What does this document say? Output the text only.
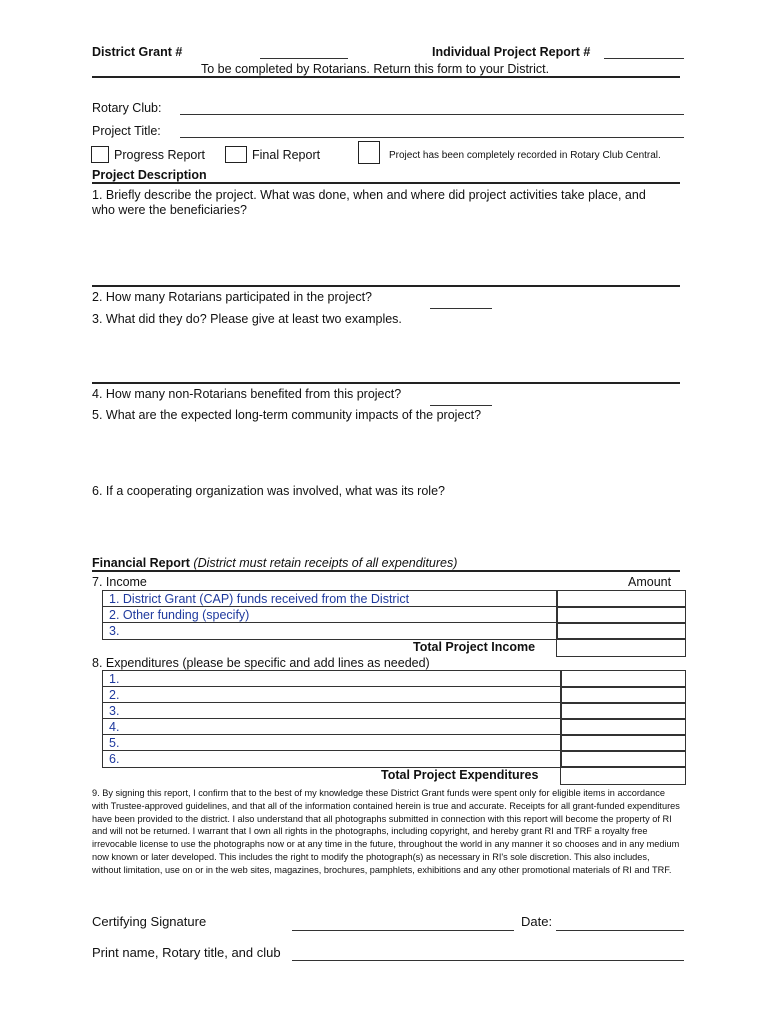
District Grant #	Individual Project Report #
To be completed by Rotarians. Return this form to your District.
Rotary Club:
Project Title:
Progress Report	Final Report	Project has been completely recorded in Rotary Club Central.
Project Description
1. Briefly describe the project. What was done, when and where did project activities take place, and
who were the beneficiaries?
2. How many Rotarians participated in the project?
3. What did they do? Please give at least two examples.
4. How many non-Rotarians benefited from this project?
5. What are the expected long-term community impacts of the project?
6. If a cooperating organization was involved, what was its role?
Financial Report (District must retain receipts of all expenditures)
7. Income	Amount
1. District Grant (CAP) funds received from the District
2. Other funding (specify)
3.
Total Project Income
8. Expenditures (please be specific and add lines as needed)
1.
2.
3.
4.
5.
6.
Total Project Expenditures
9. By signing this report, I confirm that to the best of my knowledge these District Grant funds were spent only for eligible items in accordance with Trustee-approved guidelines, and that all of the information contained herein is true and accurate. Receipts for all grant-funded expenditures have been provided to the district. I also understand that all photographs submitted in connection with this report will become the property of RI and will not be returned. I warrant that I own all rights in the photographs, including copyright, and hereby grant RI and TRF a royalty free irrevocable license to use the photographs now or at any time in the future, throughout the world in any manner it so chooses and in any medium now known or later developed. This includes the right to modify the photograph(s) as necessary in RI's sole discretion. This also includes, without limitation, use on or in the web sites, magazines, brochures, pamphlets, exhibitions and any other promotional materials of RI and TRF.
Certifying Signature	Date:
Print name, Rotary title, and club
